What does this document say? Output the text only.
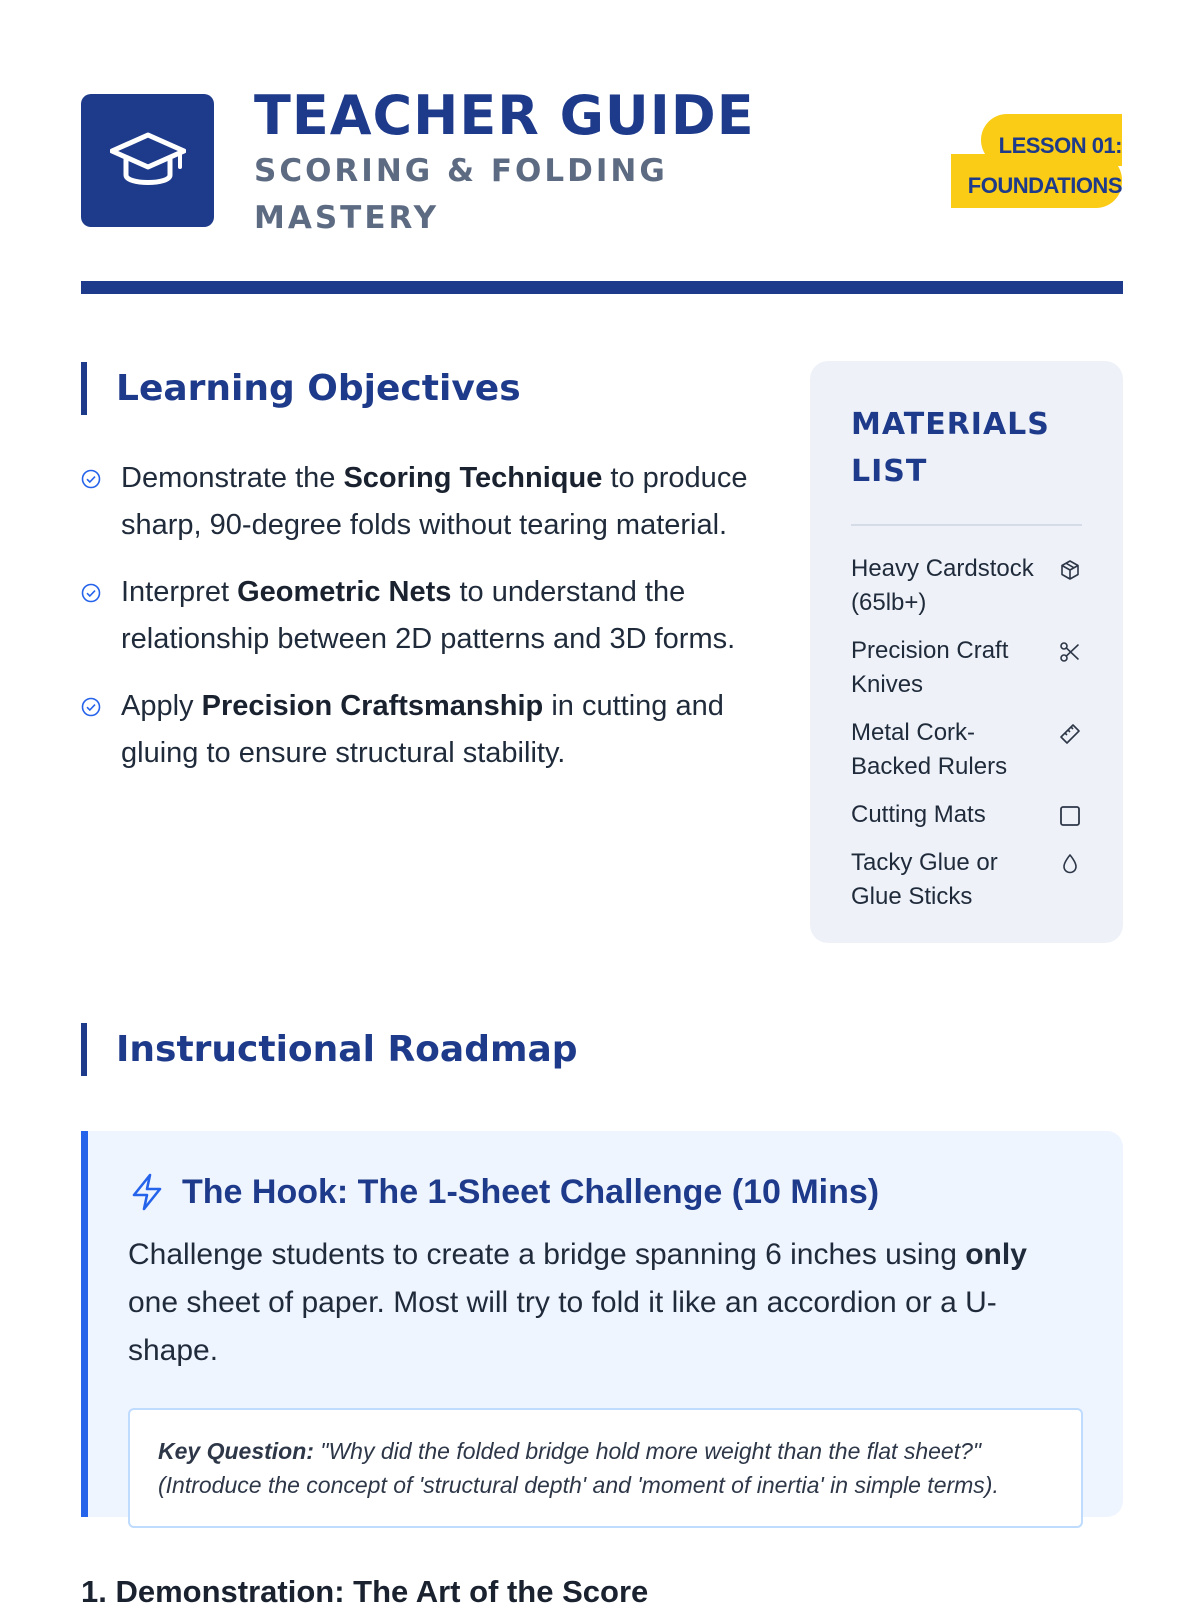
TEACHER GUIDE
SCORING & FOLDING MASTERY
LESSON 01: FOUNDATIONS
Learning Objectives
Demonstrate the Scoring Technique to produce sharp, 90-degree folds without tearing material.
Interpret Geometric Nets to understand the relationship between 2D patterns and 3D forms.
Apply Precision Craftsmanship in cutting and gluing to ensure structural stability.
MATERIALS LIST
Heavy Cardstock (65lb+)
Precision Craft Knives
Metal Cork-Backed Rulers
Cutting Mats
Tacky Glue or Glue Sticks
Instructional Roadmap
The Hook: The 1-Sheet Challenge (10 Mins)

Challenge students to create a bridge spanning 6 inches using only one sheet of paper. Most will try to fold it like an accordion or a U-shape.

Key Question: "Why did the folded bridge hold more weight than the flat sheet?" (Introduce the concept of 'structural depth' and 'moment of inertia' in simple terms).
1. Demonstration: The Art of the Score
